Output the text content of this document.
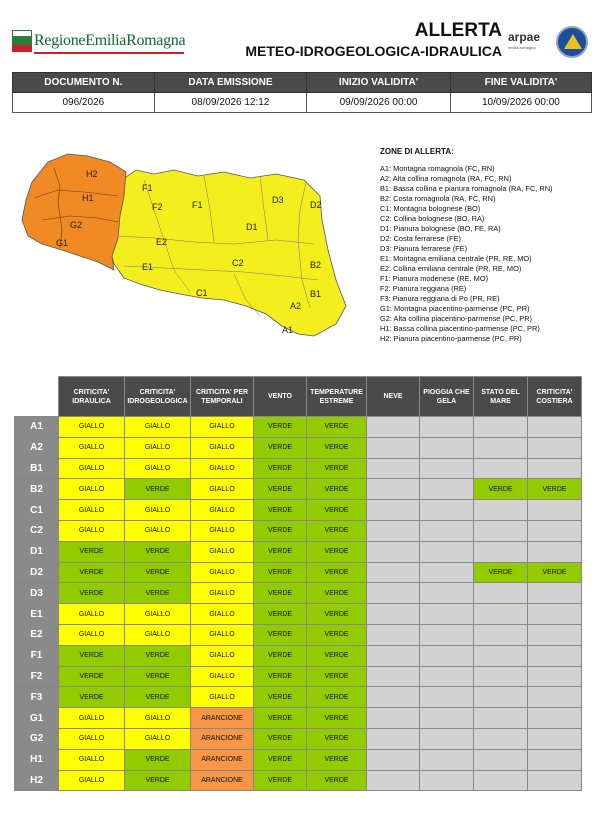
RegioneEmiliaRomagna	ALLERTA
METEO-IDROGEOLOGICA-IDRAULICA
arpae
emilia-romagna
DOCUMENTO N.	DATA EMISSIONE	INIZIO VALIDITA'	FINE VALIDITA'
096/2026	08/09/2026 12:12	09/09/2026 00:00	10/09/2026 00:00
H2
F1
D3
H1
F2	F1	D2
G2	D1
G1	E2
E1	C2	B2
C1	B1
A2
A1
ZONE DI ALLERTA:
A1: Montagna romagnola (FC, RN)
A2: Alta collina romagnola (RA, FC, RN)
B1: Bassa collina e pianura romagnola (RA, FC, RN)
B2: Costa romagnola (RA, FC, RN)
C1: Montagna bolognese (BO)
C2: Collina bolognese (BO, RA)
D1: Pianura bolognese (BO, FE, RA)
D2: Costa ferrarese (FE)
D3: Pianura ferrarese (FE)
E1: Montagna emiliana centrale (PR, RE, MO)
E2: Collina emiliana centrale (PR, RE, MO)
F1: Pianura modenese (RE, MO)
F2: Pianura reggiana (RE)
F3: Pianura reggiana di Po (PR, RE)
G1: Montagna piacentino-parmense (PC, PR)
G2: Alta collina piacentino-parmense (PC, PR)
H1: Bassa collina piacentino-parmense (PC, PR)
H2: Pianura piacentino-parmense (PC, PR)
	CRITICITA' IDRAULICA	CRITICITA' IDROGEOLOGICA	CRITICITA' PER TEMPORALI	VENTO	TEMPERATURE ESTREME	NEVE	PIOGGIA CHE GELA	STATO DEL MARE	CRITICITA' COSTIERA
A1	GIALLO	GIALLO	GIALLO	VERDE	VERDE				
A2	GIALLO	GIALLO	GIALLO	VERDE	VERDE				
B1	GIALLO	GIALLO	GIALLO	VERDE	VERDE				
B2	GIALLO	VERDE	GIALLO	VERDE	VERDE			VERDE	VERDE
C1	GIALLO	GIALLO	GIALLO	VERDE	VERDE				
C2	GIALLO	GIALLO	GIALLO	VERDE	VERDE				
D1	VERDE	VERDE	GIALLO	VERDE	VERDE				
D2	VERDE	VERDE	GIALLO	VERDE	VERDE			VERDE	VERDE
D3	VERDE	VERDE	GIALLO	VERDE	VERDE				
E1	GIALLO	GIALLO	GIALLO	VERDE	VERDE				
E2	GIALLO	GIALLO	GIALLO	VERDE	VERDE				
F1	VERDE	VERDE	GIALLO	VERDE	VERDE				
F2	VERDE	VERDE	GIALLO	VERDE	VERDE				
F3	VERDE	VERDE	GIALLO	VERDE	VERDE				
G1	GIALLO	GIALLO	ARANCIONE	VERDE	VERDE				
G2	GIALLO	GIALLO	ARANCIONE	VERDE	VERDE				
H1	GIALLO	VERDE	ARANCIONE	VERDE	VERDE				
H2	GIALLO	VERDE	ARANCIONE	VERDE	VERDE				
